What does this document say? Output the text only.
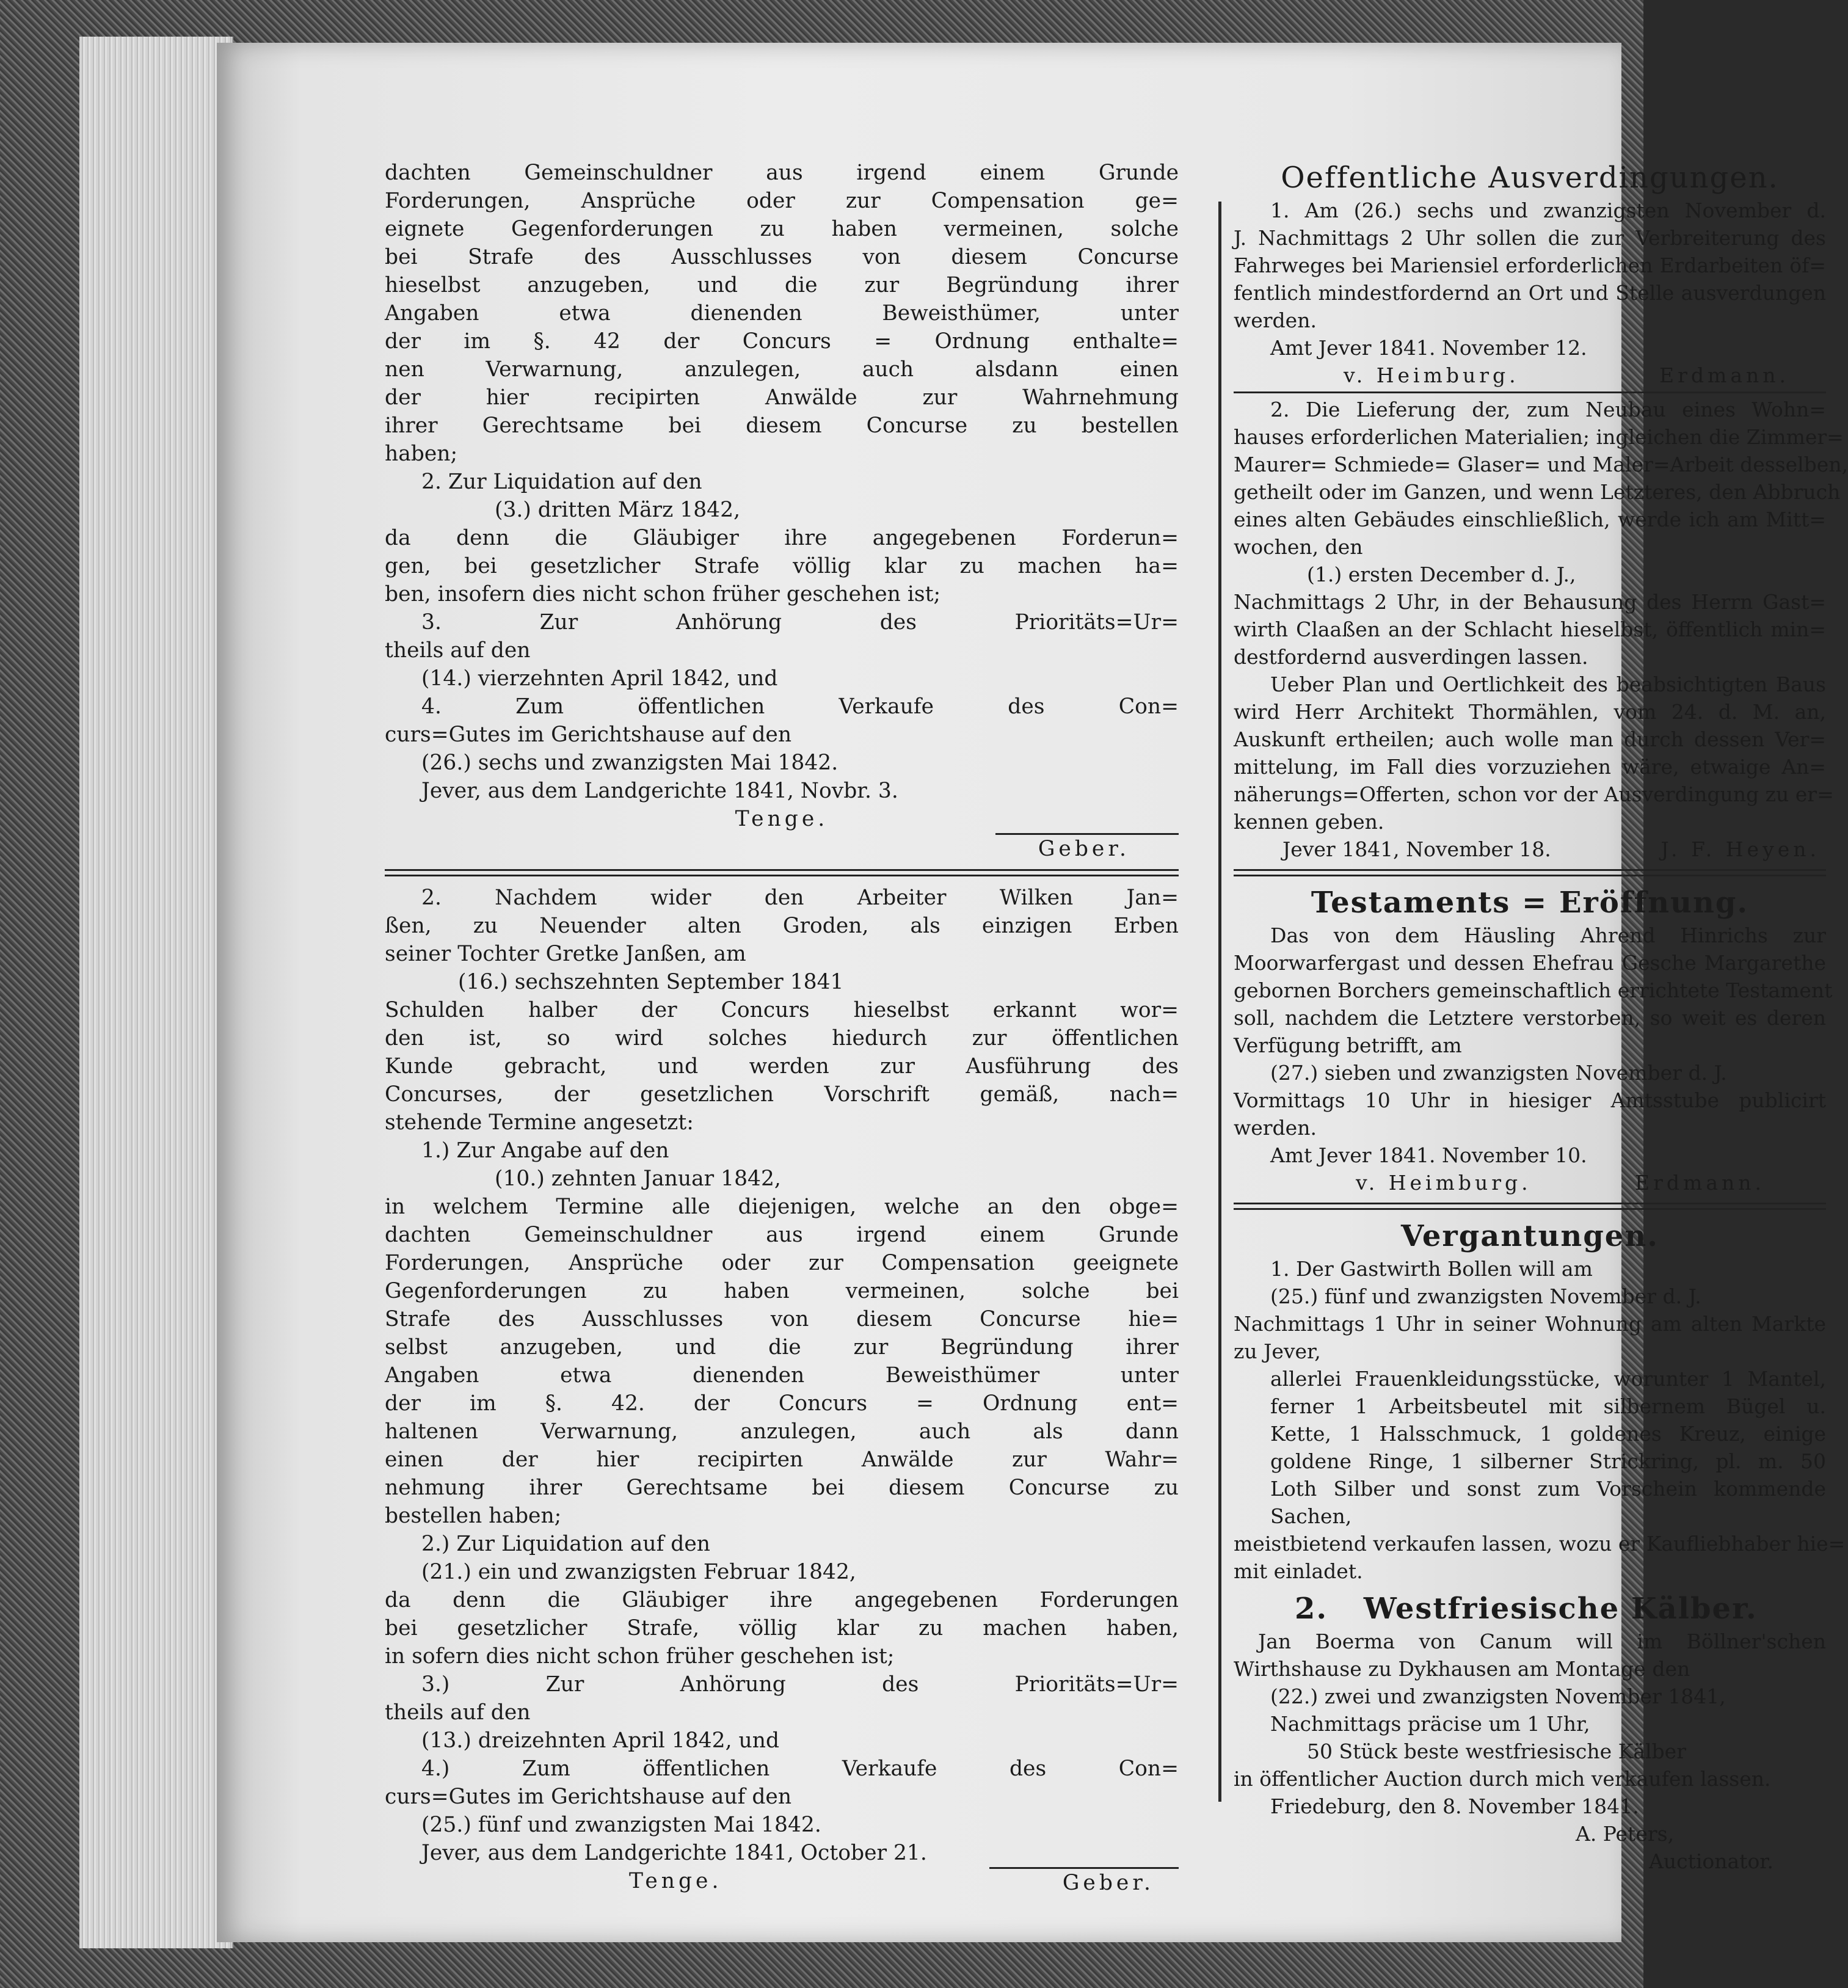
dachten Gemeinschuldner aus irgend einem Grunde

Forderungen, Ansprüche oder zur Compensation ge=

eignete Gegenforderungen zu haben vermeinen, solche

bei Strafe des Ausschlusses von diesem Concurse

hieselbst anzugeben, und die zur Begründung ihrer

Angaben etwa dienenden Beweisthümer, unter

der im §. 42 der Concurs = Ordnung enthalte=

nen Verwarnung, anzulegen, auch alsdann einen

der hier recipirten Anwälde zur Wahrnehmung

ihrer Gerechtsame bei diesem Concurse zu bestellen

haben;

2. Zur Liquidation auf den

(3.) dritten März 1842,

da denn die Gläubiger ihre angegebenen Forderun=

gen, bei gesetzlicher Strafe völlig klar zu machen ha=

ben, insofern dies nicht schon früher geschehen ist;

3. Zur Anhörung des Prioritäts=Ur=

theils auf den

(14.) vierzehnten April 1842, und

4. Zum öffentlichen Verkaufe des Con=

curs=Gutes im Gerichtshause auf den

(26.) sechs und zwanzigsten Mai 1842.

Jever, aus dem Landgerichte 1841, Novbr. 3.

Tenge.

Geber.

2. Nachdem wider den Arbeiter Wilken Jan=

ßen, zu Neuender alten Groden, als einzigen Erben

seiner Tochter Gretke Janßen, am

(16.) sechszehnten September 1841

Schulden halber der Concurs hieselbst erkannt wor=

den ist, so wird solches hiedurch zur öffentlichen

Kunde gebracht, und werden zur Ausführung des

Concurses, der gesetzlichen Vorschrift gemäß, nach=

stehende Termine angesetzt:

1.) Zur Angabe auf den

(10.) zehnten Januar 1842,

in welchem Termine alle diejenigen, welche an den obge=

dachten Gemeinschuldner aus irgend einem Grunde

Forderungen, Ansprüche oder zur Compensation geeignete

Gegenforderungen zu haben vermeinen, solche bei

Strafe des Ausschlusses von diesem Concurse hie=

selbst anzugeben, und die zur Begründung ihrer

Angaben etwa dienenden Beweisthümer unter

der im §. 42. der Concurs = Ordnung ent=

haltenen Verwarnung, anzulegen, auch als dann

einen der hier recipirten Anwälde zur Wahr=

nehmung ihrer Gerechtsame bei diesem Concurse zu

bestellen haben;

2.) Zur Liquidation auf den

(21.) ein und zwanzigsten Februar 1842,

da denn die Gläubiger ihre angegebenen Forderungen

bei gesetzlicher Strafe, völlig klar zu machen haben,

in sofern dies nicht schon früher geschehen ist;

3.) Zur Anhörung des Prioritäts=Ur=

theils auf den

(13.) dreizehnten April 1842, und

4.) Zum öffentlichen Verkaufe des Con=

curs=Gutes im Gerichtshause auf den

(25.) fünf und zwanzigsten Mai 1842.

Jever, aus dem Landgerichte 1841, October 21.

Tenge.	Geber.

Oeffentliche Ausverdingungen.

1. Am (26.) sechs und zwanzigsten November d.

J. Nachmittags 2 Uhr sollen die zur Verbreiterung des

Fahrweges bei Mariensiel erforderlichen Erdarbeiten öf=

fentlich mindestfordernd an Ort und Stelle ausverdungen

werden.

Amt Jever 1841. November 12.

v. Heimburg.	Erdmann.

2. Die Lieferung der, zum Neubau eines Wohn=

hauses erforderlichen Materialien; ingleichen die Zimmer=

Maurer= Schmiede= Glaser= und Maler=Arbeit desselben,

getheilt oder im Ganzen, und wenn Letzteres, den Abbruch

eines alten Gebäudes einschließlich, werde ich am Mitt=

wochen, den

(1.) ersten December d. J.,

Nachmittags 2 Uhr, in der Behausung des Herrn Gast=

wirth Claaßen an der Schlacht hieselbst, öffentlich min=

destfordernd ausverdingen lassen.

Ueber Plan und Oertlichkeit des beabsichtigten Baus

wird Herr Architekt Thormählen, vom 24. d. M. an,

Auskunft ertheilen; auch wolle man durch dessen Ver=

mittelung, im Fall dies vorzuziehen wäre, etwaige An=

näherungs=Offerten, schon vor der Ausverdingung zu er=

kennen geben.

Jever 1841, November 18.	J. F. Heyen.

Testaments = Eröffnung.

Das von dem Häusling Ahrend Hinrichs zur

Moorwarfergast und dessen Ehefrau Gesche Margarethe

gebornen Borchers gemeinschaftlich errichtete Testament

soll, nachdem die Letztere verstorben, so weit es deren

Verfügung betrifft, am

(27.) sieben und zwanzigsten November d. J.

Vormittags 10 Uhr in hiesiger Amtsstube publicirt

werden.

Amt Jever 1841. November 10.

v. Heimburg.	Erdmann.

Vergantungen.

1. Der Gastwirth Bollen will am

(25.) fünf und zwanzigsten November d. J.

Nachmittags 1 Uhr in seiner Wohnung am alten Markte

zu Jever,

allerlei Frauenkleidungsstücke, worunter 1 Mantel,

ferner 1 Arbeitsbeutel mit silbernem Bügel u.

Kette, 1 Halsschmuck, 1 goldenes Kreuz, einige

goldene Ringe, 1 silberner Strickring, pl. m. 50

Loth Silber und sonst zum Vorschein kommende

Sachen,

meistbietend verkaufen lassen, wozu er Kaufliebhaber hie=

mit einladet.

2. Westfriesische Kälber.

Jan Boerma von Canum will im Böllner'schen

Wirthshause zu Dykhausen am Montage den

(22.) zwei und zwanzigsten November 1841,

Nachmittags präcise um 1 Uhr,

50 Stück beste westfriesische Kälber

in öffentlicher Auction durch mich verkaufen lassen.

Friedeburg, den 8. November 1841.

A. Peters,

Auctionator.
